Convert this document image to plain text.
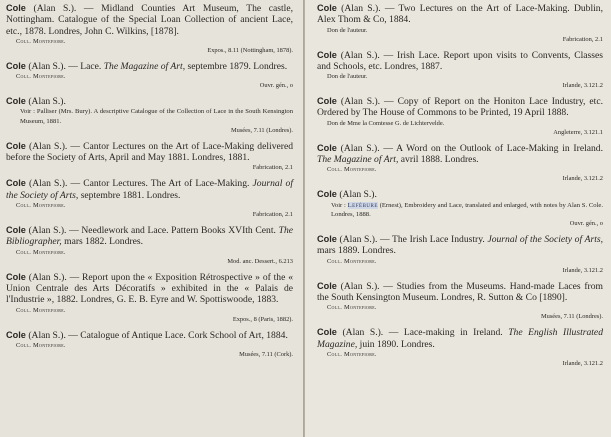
Cole (Alan S.). — Midland Counties Art Museum, The castle, Nottingham. Catalogue of the Special Loan Collection of ancient Lace, etc., 1878. Londres, John C. Wilkins, [1878].

Coll. Montefiore.

Expos., 8.11 (Nottingham, 1878).

Cole (Alan S.). — Lace. The Magazine of Art, septembre 1879. Londres.

Coll. Montefiore.

Ouvr. gén., o

Cole (Alan S.).

Voir : Palliser (Mrs. Bury). A descriptive Catalogue of the Collection of Lace in the South Kensington Museum, 1881.

Musées, 7.11 (Londres).

Cole (Alan S.). — Cantor Lectures on the Art of Lace-Making delivered before the Society of Arts, April and May 1881. Londres, 1881.

Fabrication, 2.1

Cole (Alan S.). — Cantor Lectures. The Art of Lace-Making. Journal of the Society of Arts, septembre 1881. Londres.

Coll. Montefiore.

Fabrication, 2.1

Cole (Alan S.). — Needlework and Lace. Pattern Books XVIth Cent. The Bibliographer, mars 1882. Londres.

Coll. Montefiore.

Mod. anc. Dessert., 6.213

Cole (Alan S.). — Report upon the « Exposition Rétrospective » of the « Union Centrale des Arts Décoratifs » exhibited in the « Palais de l'Industrie », 1882. Londres, G. E. B. Eyre and W. Spottiswoode, 1883.

Coll. Montefiore.

Expos., 8 (Paris, 1882).

Cole (Alan S.). — Catalogue of Antique Lace. Cork School of Art, 1884.

Coll. Montefiore.

Musées, 7.11 (Cork).

Cole (Alan S.). — Two Lectures on the Art of Lace-Making. Dublin, Alex Thom & Co, 1884.

Don de l'auteur.

Fabrication, 2.1

Cole (Alan S.). — Irish Lace. Report upon visits to Convents, Classes and Schools, etc. Londres, 1887.

Don de l'auteur.

Irlande, 3.121.2

Cole (Alan S.). — Copy of Report on the Honiton Lace Industry, etc. Ordered by The House of Commons to be Printed, 19 April 1888.

Don de Mme la Comtesse G. de Lichtervelde.

Angleterre, 3.121.1

Cole (Alan S.). — A Word on the Outlook of Lace-Making in Ireland. The Magazine of Art, avril 1888. Londres.

Coll. Montefiore.

Irlande, 3.121.2

Cole (Alan S.).

Voir : Lefébure (Ernest), Embroidery and Lace, translated and enlarged, with notes by Alan S. Cole. Londres, 1888.

Ouvr. gén., o

Cole (Alan S.). — The Irish Lace Industry. Journal of the Society of Arts, mars 1889. Londres.

Coll. Montefiore.

Irlande, 3.121.2

Cole (Alan S.). — Studies from the Museums. Hand-made Laces from the South Kensington Museum. Londres, R. Sutton & Co [1890].

Coll. Montefiore.

Musées, 7.11 (Londres).

Cole (Alan S.). — Lace-making in Ireland. The English Illustrated Magazine, juin 1890. Londres.

Coll. Montefiore.

Irlande, 3.121.2
